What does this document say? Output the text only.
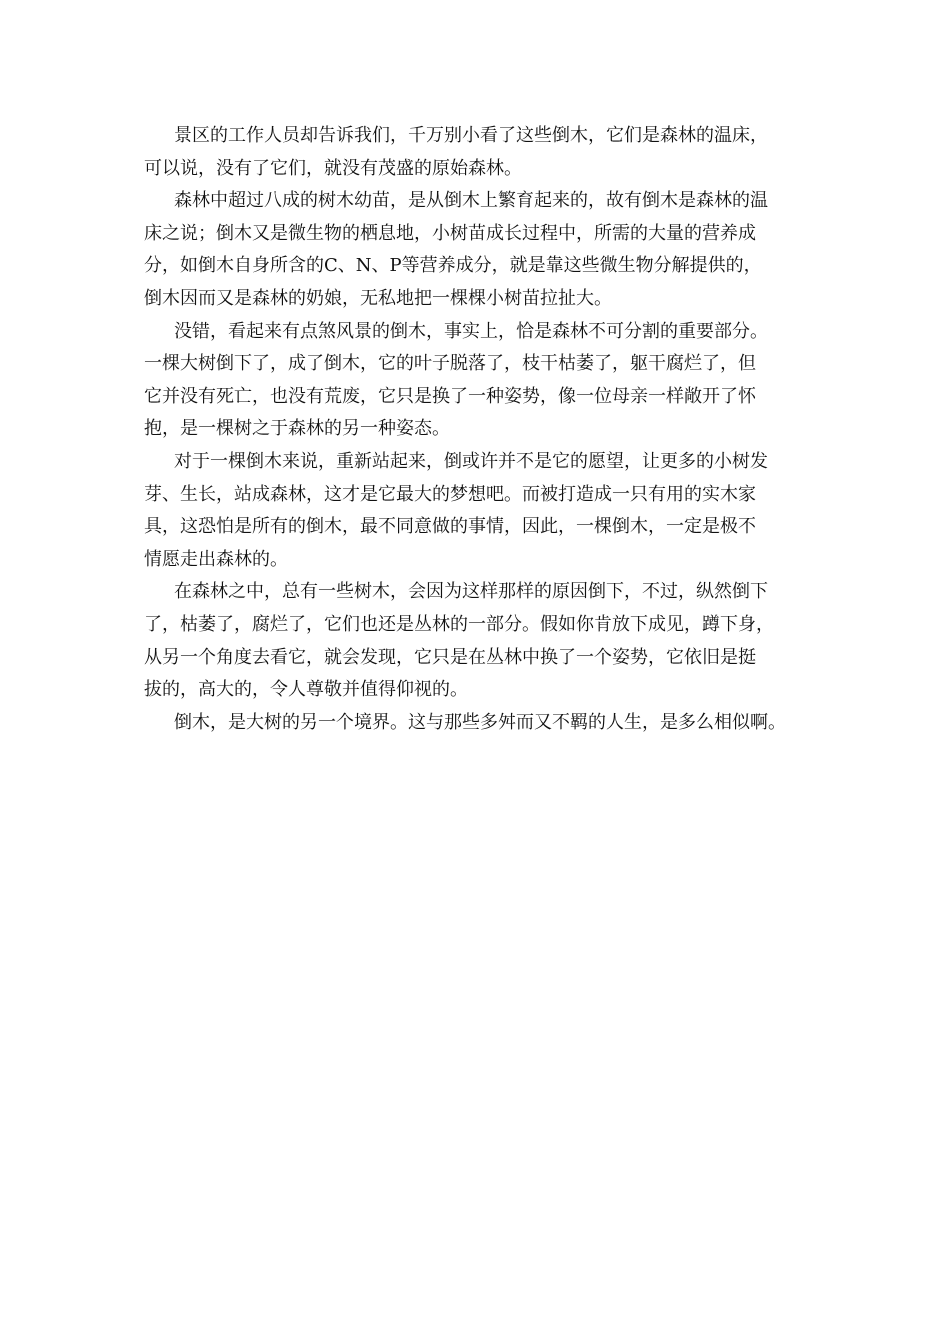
景区的工作人员却告诉我们，千万别小看了这些倒木，它们是森林的温床，
可以说，没有了它们，就没有茂盛的原始森林。

森林中超过八成的树木幼苗，是从倒木上繁育起来的，故有倒木是森林的温
床之说；倒木又是微生物的栖息地，小树苗成长过程中，所需的大量的营养成
分，如倒木自身所含的C、N、P等营养成分，就是靠这些微生物分解提供的，
倒木因而又是森林的奶娘，无私地把一棵棵小树苗拉扯大。

没错，看起来有点煞风景的倒木，事实上，恰是森林不可分割的重要部分。
一棵大树倒下了，成了倒木，它的叶子脱落了，枝干枯萎了，躯干腐烂了，但
它并没有死亡，也没有荒废，它只是换了一种姿势，像一位母亲一样敞开了怀
抱，是一棵树之于森林的另一种姿态。

对于一棵倒木来说，重新站起来，倒或许并不是它的愿望，让更多的小树发
芽、生长，站成森林，这才是它最大的梦想吧。而被打造成一只有用的实木家
具，这恐怕是所有的倒木，最不同意做的事情，因此，一棵倒木，一定是极不
情愿走出森林的。

在森林之中，总有一些树木，会因为这样那样的原因倒下，不过，纵然倒下
了，枯萎了，腐烂了，它们也还是丛林的一部分。假如你肯放下成见，蹲下身，
从另一个角度去看它，就会发现，它只是在丛林中换了一个姿势，它依旧是挺
拔的，高大的，令人尊敬并值得仰视的。

倒木，是大树的另一个境界。这与那些多舛而又不羁的人生，是多么相似啊。
